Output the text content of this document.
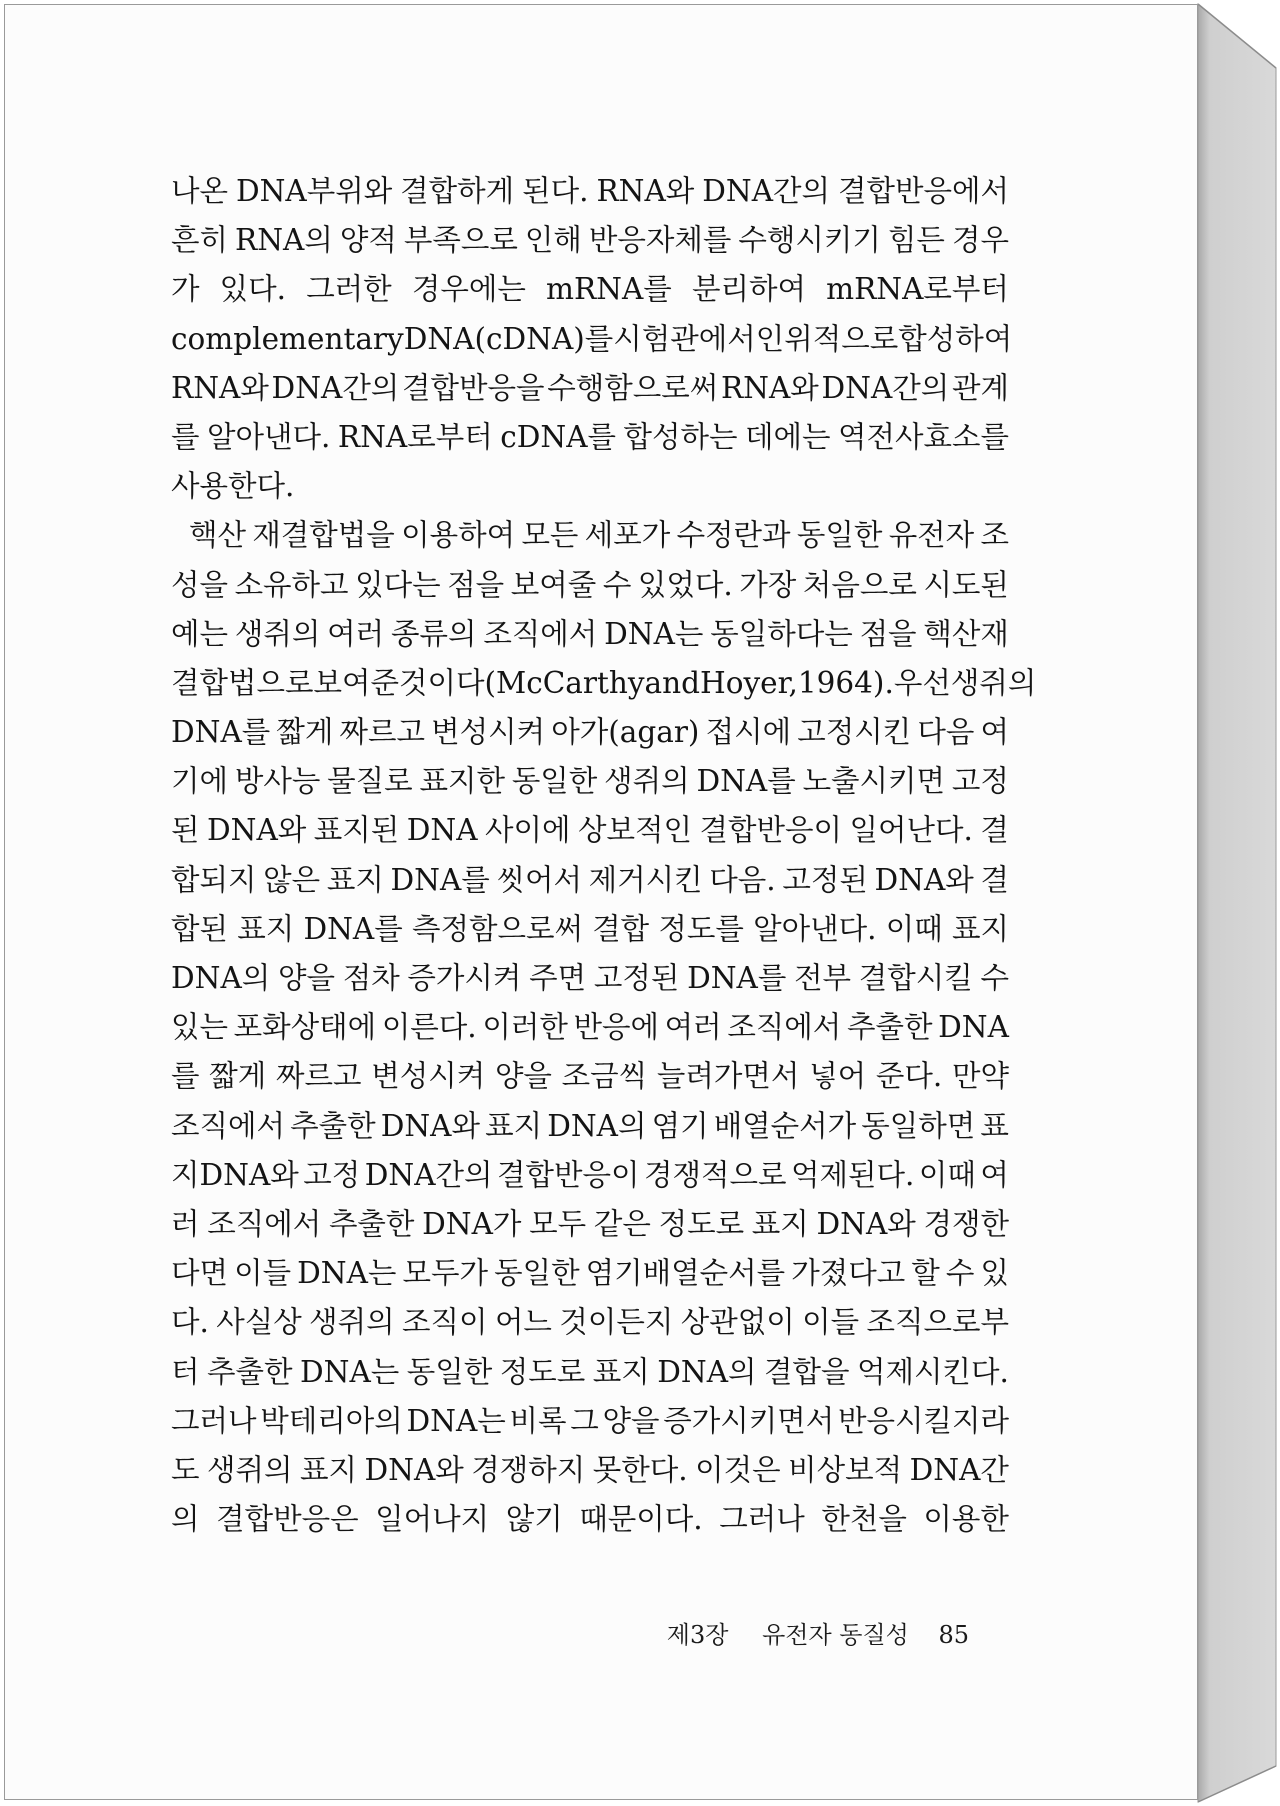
나온 DNA부위와 결합하게 된다. RNA와 DNA간의 결합반응에서
흔히 RNA의 양적 부족으로 인해 반응자체를 수행시키기 힘든 경우
가 있다. 그러한 경우에는 mRNA를 분리하여 mRNA로부터
complementary DNA(cDNA)를 시험관에서 인위적으로 합성하여
RNA와 DNA간의 결합반응을 수행함으로써 RNA와 DNA간의 관계
를 알아낸다. RNA로부터 cDNA를 합성하는 데에는 역전사효소를
사용한다.
핵산 재결합법을 이용하여 모든 세포가 수정란과 동일한 유전자 조
성을 소유하고 있다는 점을 보여줄 수 있었다. 가장 처음으로 시도된
예는 생쥐의 여러 종류의 조직에서 DNA는 동일하다는 점을 핵산재
결합법으로 보여준 것이다(McCarthy and Hoyer, 1964). 우선 생쥐의
DNA를 짧게 짜르고 변성시켜 아가(agar) 접시에 고정시킨 다음 여
기에 방사능 물질로 표지한 동일한 생쥐의 DNA를 노출시키면 고정
된 DNA와 표지된 DNA 사이에 상보적인 결합반응이 일어난다. 결
합되지 않은 표지 DNA를 씻어서 제거시킨 다음. 고정된 DNA와 결
합된 표지 DNA를 측정함으로써 결합 정도를 알아낸다. 이때 표지
DNA의 양을 점차 증가시켜 주면 고정된 DNA를 전부 결합시킬 수
있는 포화상태에 이른다. 이러한 반응에 여러 조직에서 추출한 DNA
를 짧게 짜르고 변성시켜 양을 조금씩 늘려가면서 넣어 준다. 만약
조직에서 추출한 DNA와 표지 DNA의 염기 배열순서가 동일하면 표
지DNA와 고정 DNA간의 결합반응이 경쟁적으로 억제된다. 이때 여
러 조직에서 추출한 DNA가 모두 같은 정도로 표지 DNA와 경쟁한
다면 이들 DNA는 모두가 동일한 염기배열순서를 가졌다고 할 수 있
다. 사실상 생쥐의 조직이 어느 것이든지 상관없이 이들 조직으로부
터 추출한 DNA는 동일한 정도로 표지 DNA의 결합을 억제시킨다.
그러나 박테리아의 DNA는 비록 그 양을 증가시키면서 반응시킬지라
도 생쥐의 표지 DNA와 경쟁하지 못한다. 이것은 비상보적 DNA간
의 결합반응은 일어나지 않기 때문이다. 그러나 한천을 이용한
제3장 유전자 동질성 85
